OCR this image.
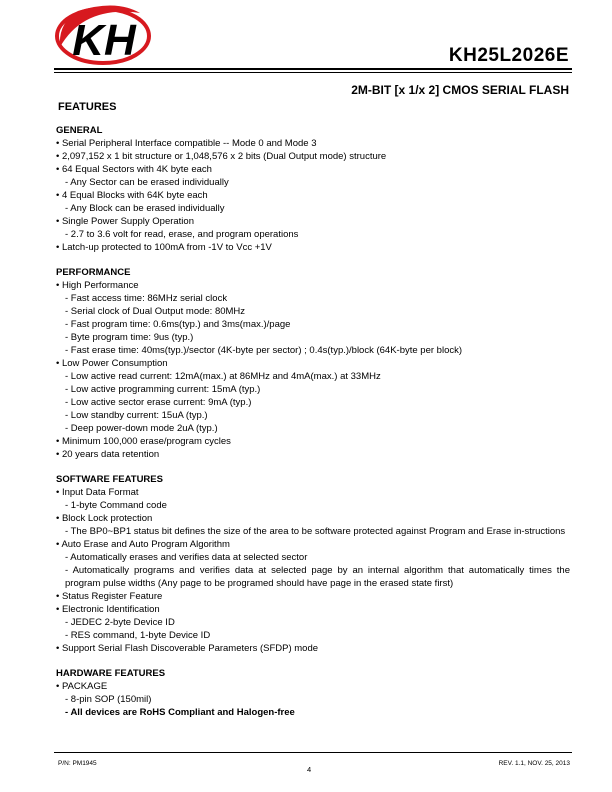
KH	KH25L2026E
2M-BIT [x 1/x 2] CMOS SERIAL FLASH
FEATURES
GENERAL
• Serial Peripheral Interface compatible -- Mode 0 and Mode 3
• 2,097,152 x 1 bit structure or 1,048,576 x 2 bits (Dual Output mode) structure
• 64 Equal Sectors with 4K byte each
- Any Sector can be erased individually
• 4 Equal Blocks with 64K byte each
- Any Block can be erased individually
• Single Power Supply Operation
- 2.7 to 3.6 volt for read, erase, and program operations
• Latch-up protected to 100mA from -1V to Vcc +1V
PERFORMANCE
• High Performance
- Fast access time: 86MHz serial clock
- Serial clock of Dual Output mode: 80MHz
- Fast program time: 0.6ms(typ.) and 3ms(max.)/page
- Byte program time: 9us (typ.)
- Fast erase time: 40ms(typ.)/sector (4K-byte per sector) ; 0.4s(typ.)/block (64K-byte per block)
• Low Power Consumption
- Low active read current: 12mA(max.) at 86MHz and 4mA(max.) at 33MHz
- Low active programming current: 15mA (typ.)
- Low active sector erase current: 9mA (typ.)
- Low standby current: 15uA (typ.)
- Deep power-down mode 2uA (typ.)
• Minimum 100,000 erase/program cycles
• 20 years data retention
SOFTWARE FEATURES
• Input Data Format
- 1-byte Command code
• Block Lock protection
- The BP0~BP1 status bit defines the size of the area to be software protected against Program and Erase in-structions
• Auto Erase and Auto Program Algorithm
- Automatically erases and verifies data at selected sector
- Automatically programs and verifies data at selected page by an internal algorithm that automatically times the program pulse widths (Any page to be programed should have page in the erased state first)
• Status Register Feature
• Electronic Identification
- JEDEC 2-byte Device ID
- RES command, 1-byte Device ID
• Support Serial Flash Discoverable Parameters (SFDP) mode
HARDWARE FEATURES
• PACKAGE
- 8-pin SOP (150mil)
- All devices are RoHS Compliant and Halogen-free
P/N: PM1945
4
REV. 1.1, NOV. 25, 2013
